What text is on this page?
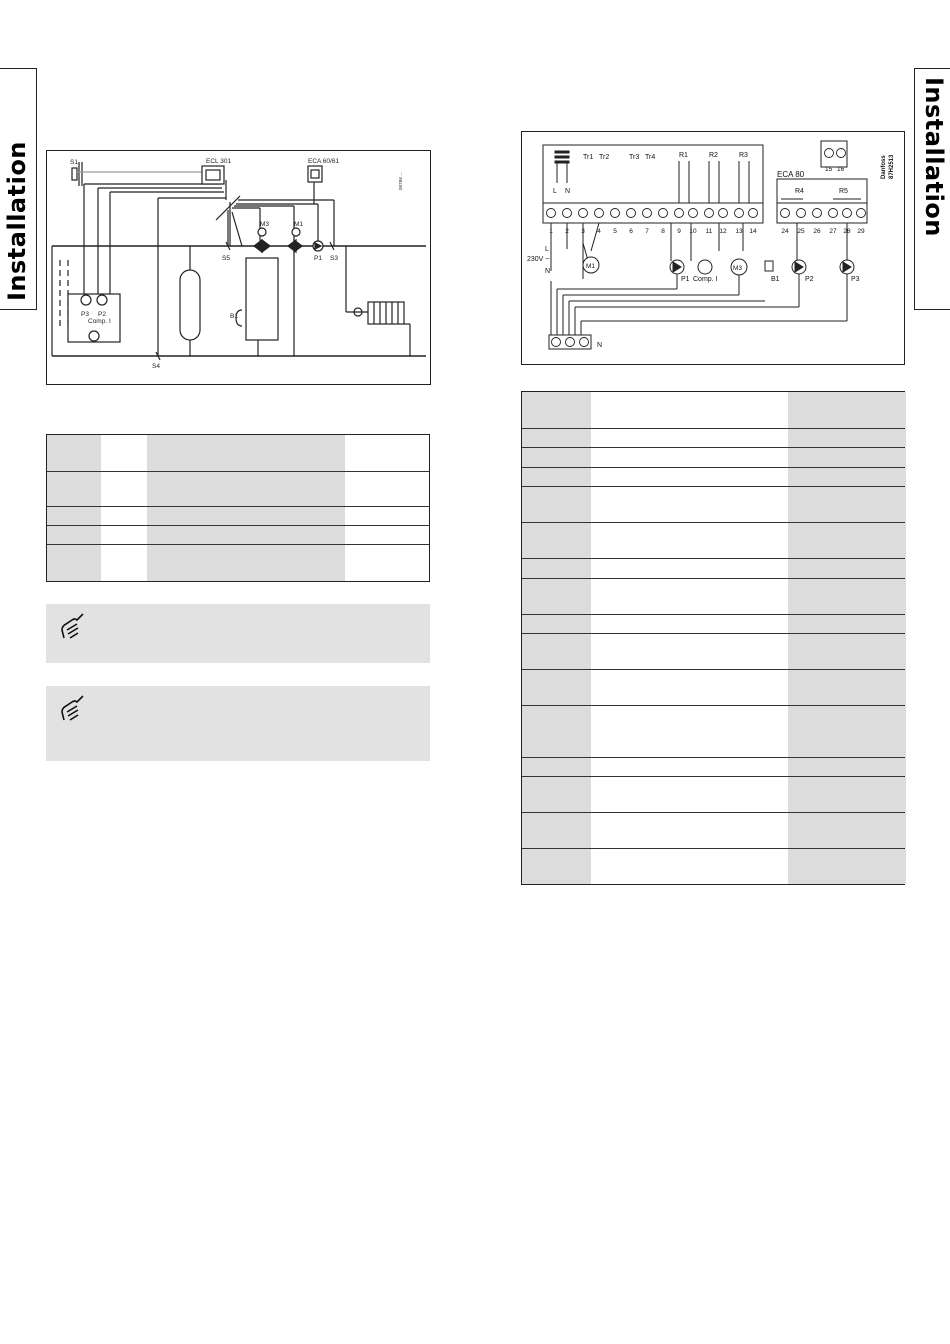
Installation	Installation
S1	ECL 301	ECA 60/61
M3	M1
S5	P1 S3
P3 P2
Comp. I
B1
S4
087B6 ...
L N
Tr1 Tr2	Tr3 Tr4	R1	R2	R3
ECA 80
R4	R5
15 16
1 2 3 4 5 6 7 8 9 10 11 12 13 14	24 25 26 27 28 29
L
230V ~
N
M1
P1 Comp. I
M3
B1	P2	P3
N
Danfoss 87H2513
